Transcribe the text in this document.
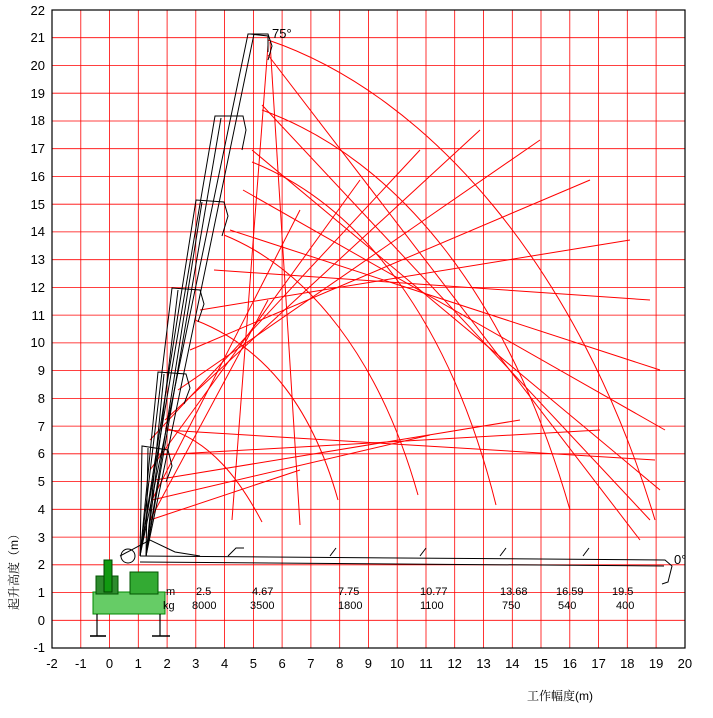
22
21
20
19
18
17
16
15
14
13
12
11
10
9
8
7
6
5
4
3
2
1
0
-1
-2 -1 0 1 2 3 4 5 6 7 8 9 10 11 12 13 14 15 16 17 18 19 20
75°
0°
m
kg
2.5
8000
4.67
3500
7.75
1800
10.77
1100
13.68
750
16.59
540
19.5
400
起升高度（m）
工作幅度(m)
